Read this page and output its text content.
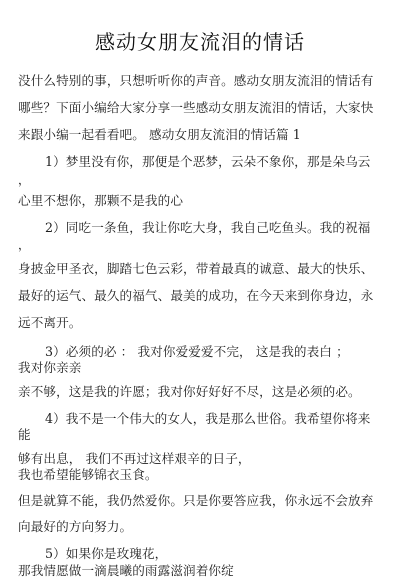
感动女朋友流泪的情话
没什么特别的事，只想听听你的声音。感动女朋友流泪的情话有
哪些？下面小编给大家分享一些感动女朋友流泪的情话，大家快
来跟小编一起看看吧。 感动女朋友流泪的情话篇 1
1）梦里没有你，那便是个恶梦，云朵不象你，那是朵乌云
，
心里不想你，那颗不是我的心
2）同吃一条鱼，我让你吃大身，我自己吃鱼头。我的祝福
，
身披金甲圣衣，脚踏七色云彩，带着最真的诚意、最大的快乐、
最好的运气、最久的福气、最美的成功，在今天来到你身边，永
远不离开。
3）必须的必 ： 我对你爱爱爱不完， 这是我的表白 ；
我对你亲亲
亲不够，这是我的许愿；我对你好好好不尽，这是必须的必。
4）我不是一个伟大的女人，我是那么世俗。我希望你将来
能
够有出息， 我们不再过这样艰辛的日子，
我也希望能够锦衣玉食。
但是就算不能，我仍然爱你。只是你要答应我，你永远不会放弃
向最好的方向努力。
5）如果你是玫瑰花，
那我情愿做一滴晨曦的雨露滋润着你绽
